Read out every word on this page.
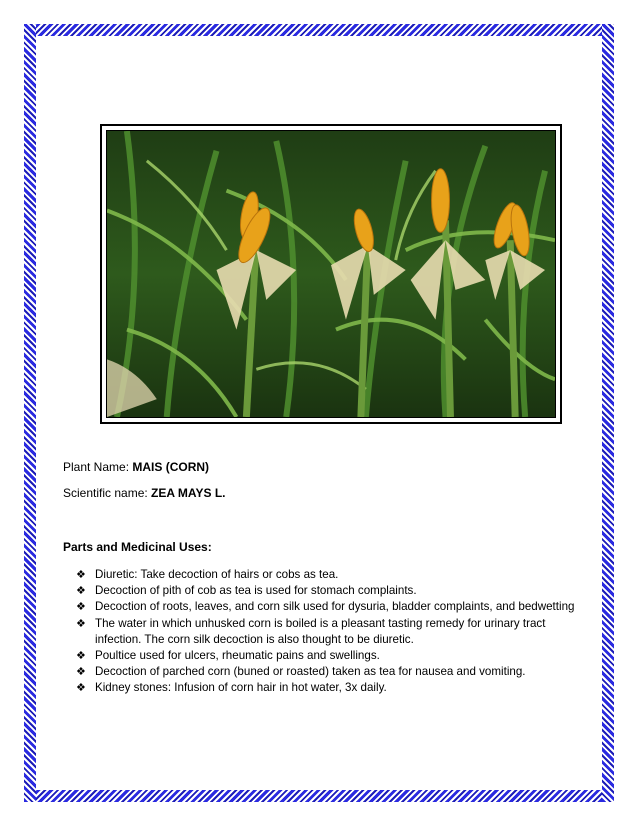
Plant Name: MAIS (CORN)
Scientific name: ZEA MAYS L.
Parts and Medicinal Uses:
❖ Diuretic: Take decoction of hairs or cobs as tea.
❖ Decoction of pith of cob as tea is used for stomach complaints.
❖ Decoction of roots, leaves, and corn silk used for dysuria, bladder complaints, and bedwetting
❖ The water in which unhusked corn is boiled is a pleasant tasting remedy for urinary tract infection. The corn silk decoction is also thought to be diuretic.
❖ Poultice used for ulcers, rheumatic pains and swellings.
❖ Decoction of parched corn (buned or roasted) taken as tea for nausea and vomiting.
❖ Kidney stones: Infusion of corn hair in hot water, 3x daily.
